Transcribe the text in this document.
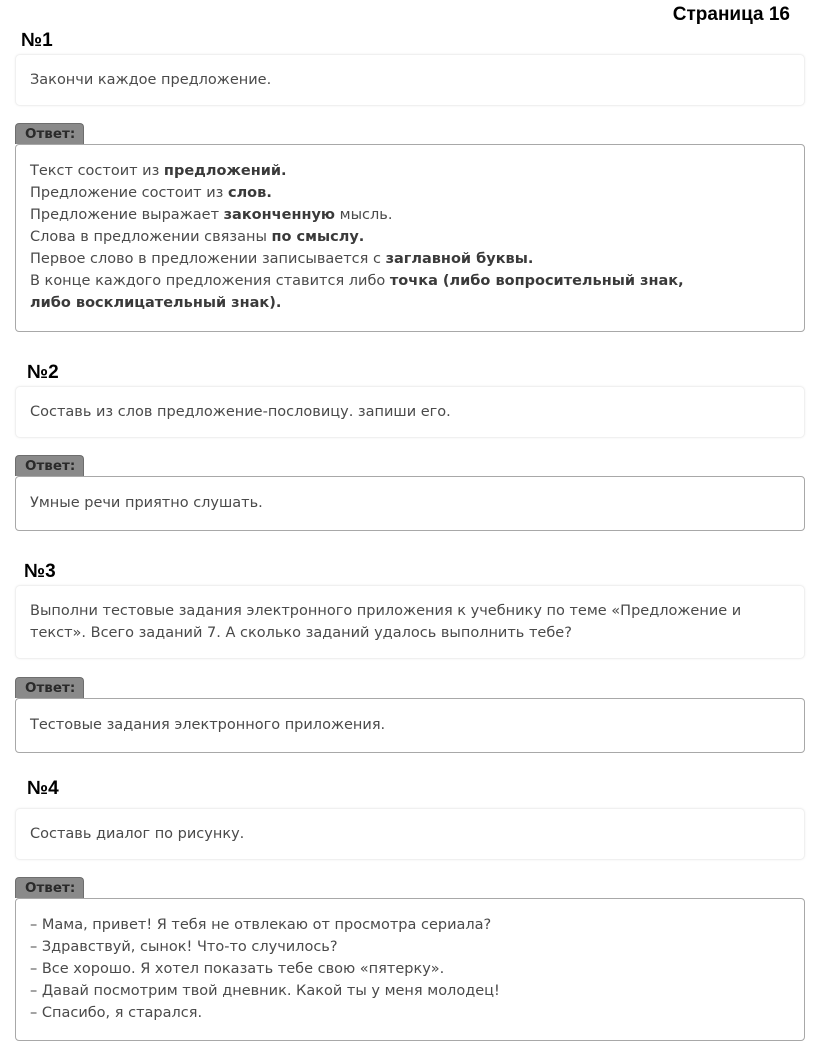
Страница 16
№1
Закончи каждое предложение.
Ответ:
Текст состоит из предложений.
Предложение состоит из слов.
Предложение выражает законченную мысль.
Слова в предложении связаны по смыслу.
Первое слово в предложении записывается с заглавной буквы.
В конце каждого предложения ставится либо точка (либо вопросительный знак, либо восклицательный знак).
№2
Составь из слов предложение-пословицу. запиши его.
Ответ:
Умные речи приятно слушать.
№3
Выполни тестовые задания электронного приложения к учебнику по теме «Предложение и текст». Всего заданий 7. А сколько заданий удалось выполнить тебе?
Ответ:
Тестовые задания электронного приложения.
№4
Составь диалог по рисунку.
Ответ:
– Мама, привет! Я тебя не отвлекаю от просмотра сериала?
– Здравствуй, сынок! Что-то случилось?
– Все хорошо. Я хотел показать тебе свою «пятерку».
– Давай посмотрим твой дневник. Какой ты у меня молодец!
– Спасибо, я старался.
